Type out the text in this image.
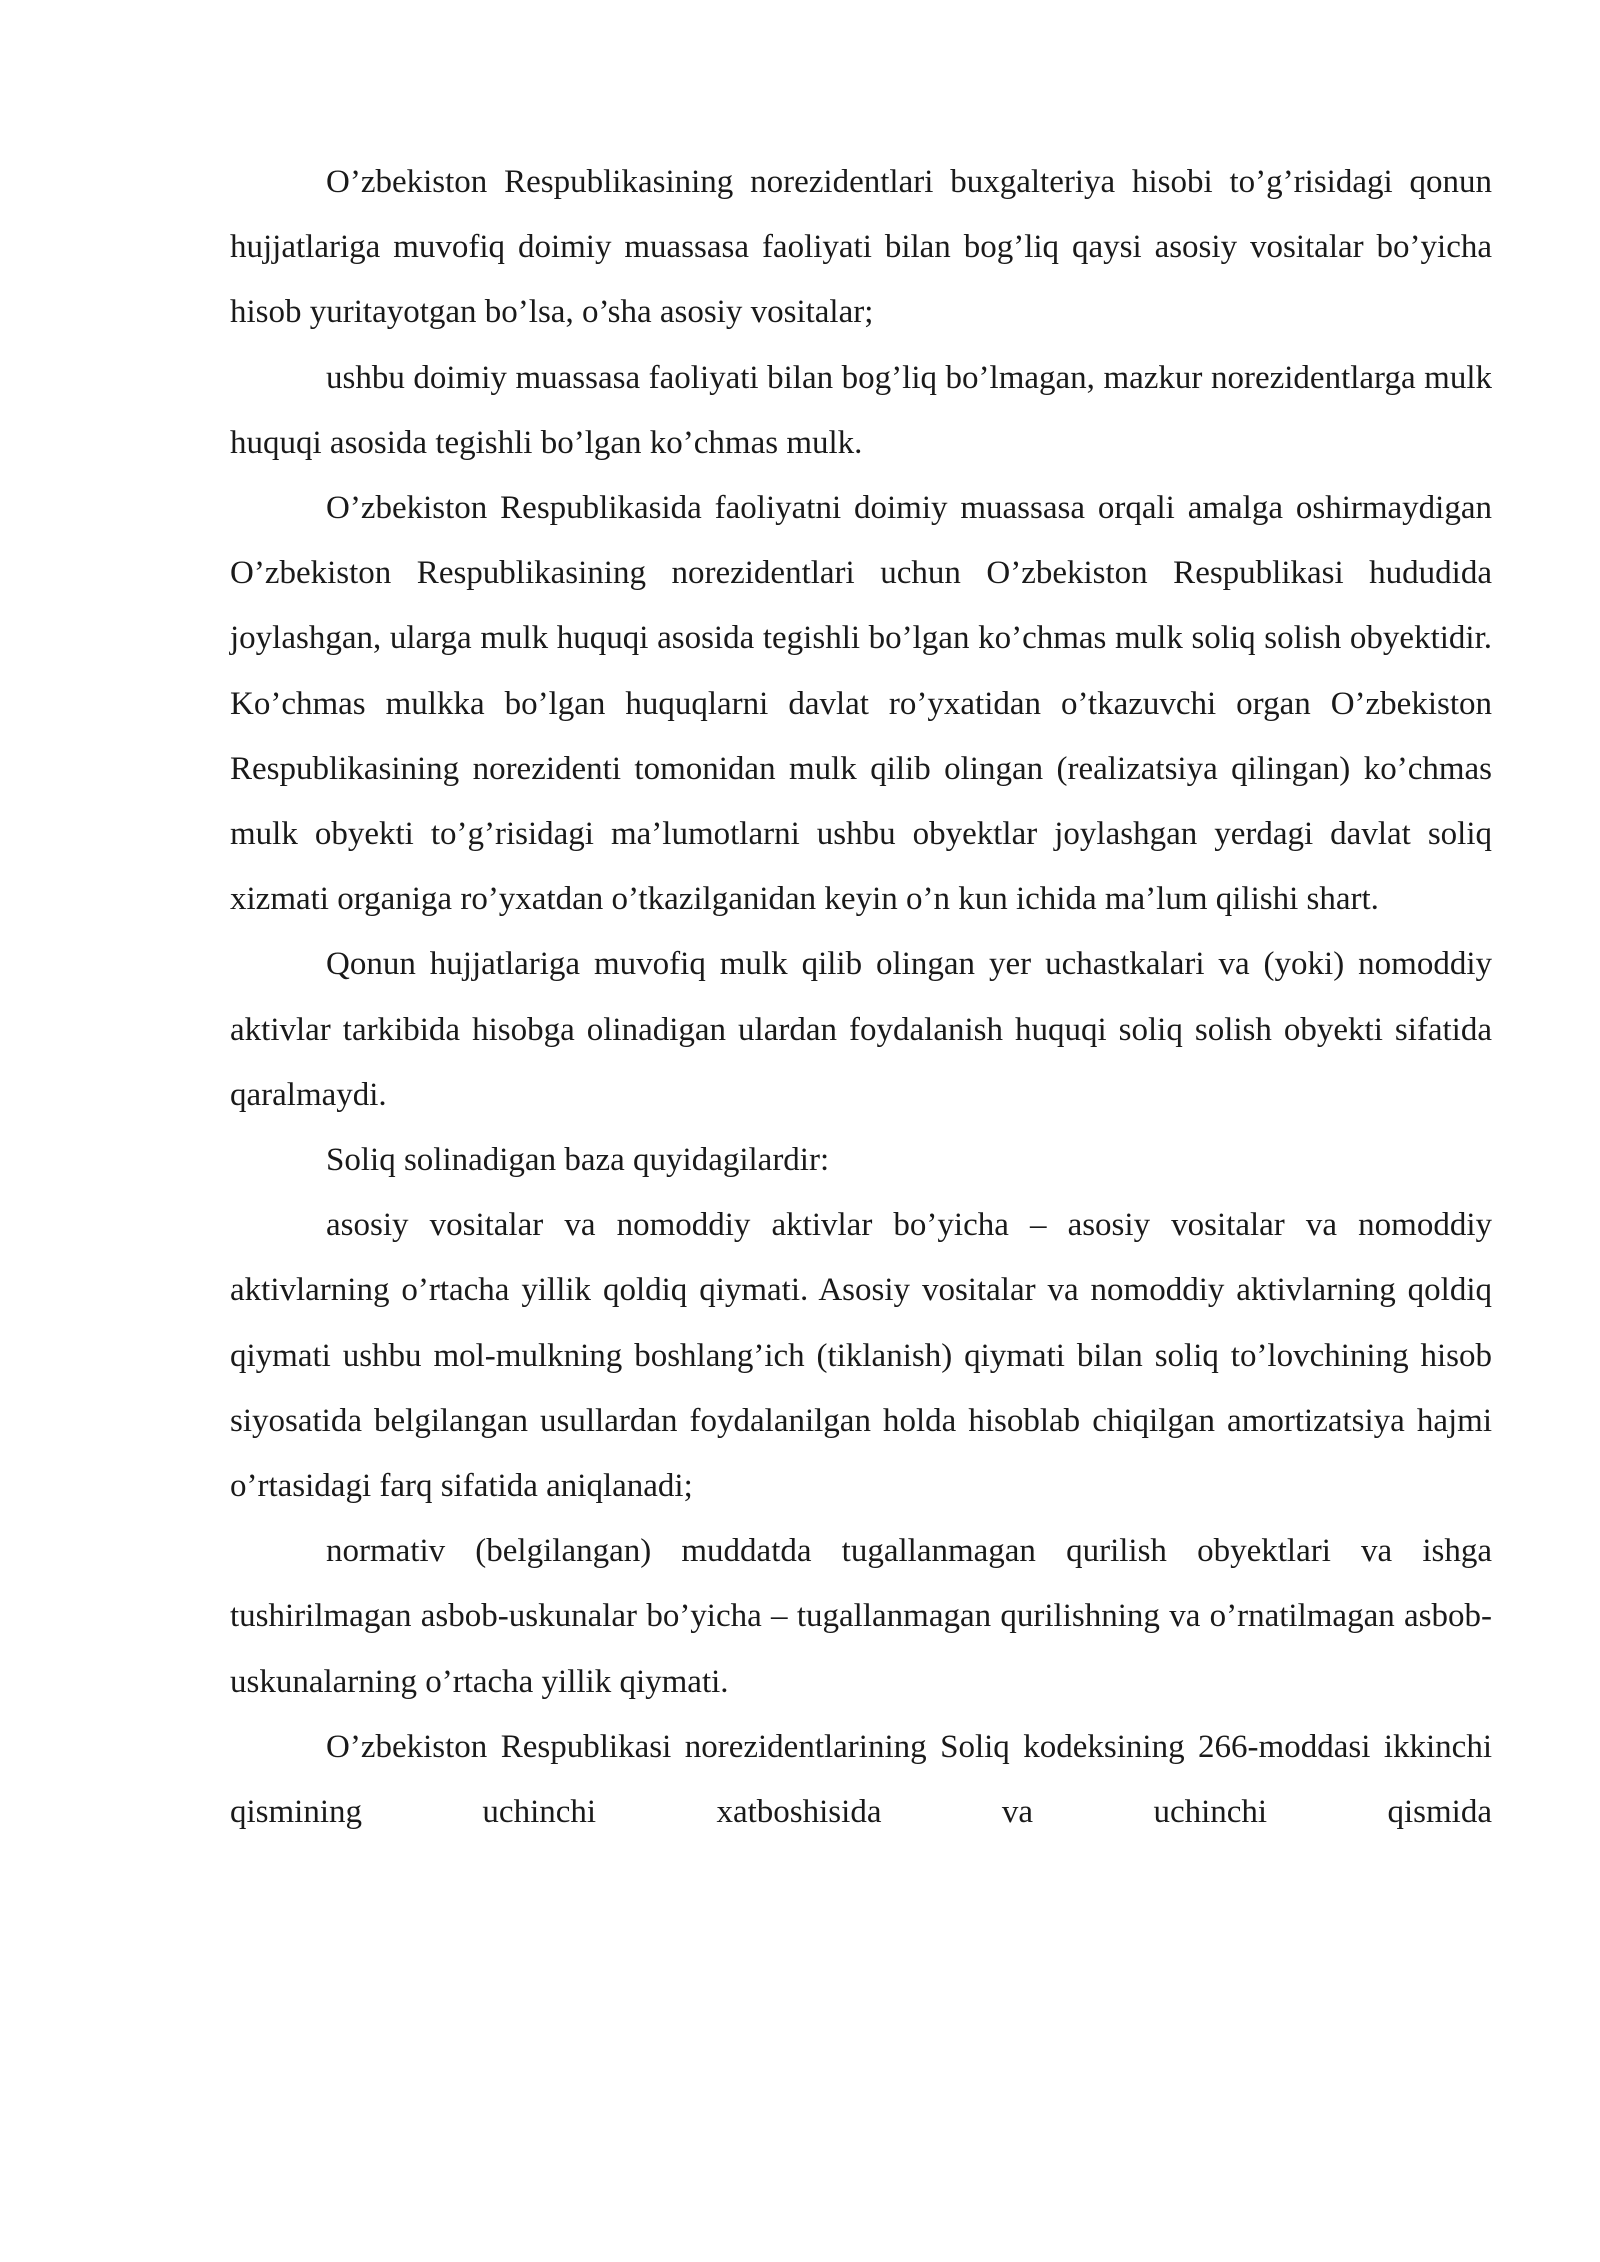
O’zbekiston Respublikasining norezidentlari buxgalteriya hisobi to’g’risidagi qonun hujjatlariga muvofiq doimiy muassasa faoliyati bilan bog’liq qaysi asosiy vositalar bo’yicha hisob yuritayotgan bo’lsa, o’sha asosiy vositalar;

ushbu doimiy muassasa faoliyati bilan bog’liq bo’lmagan, mazkur norezidentlarga mulk huquqi asosida tegishli bo’lgan ko’chmas mulk.

O’zbekiston Respublikasida faoliyatni doimiy muassasa orqali amalga oshirmaydigan O’zbekiston Respublikasining norezidentlari uchun O’zbekiston Respublikasi hududida joylashgan, ularga mulk huquqi asosida tegishli bo’lgan ko’chmas mulk soliq solish obyektidir. Ko’chmas mulkka bo’lgan huquqlarni davlat ro’yxatidan o’tkazuvchi organ O’zbekiston Respublikasining norezidenti tomonidan mulk qilib olingan (realizatsiya qilingan) ko’chmas mulk obyekti to’g’risidagi ma’lumotlarni ushbu obyektlar joylashgan yerdagi davlat soliq xizmati organiga ro’yxatdan o’tkazilganidan keyin o’n kun ichida ma’lum qilishi shart.

Qonun hujjatlariga muvofiq mulk qilib olingan yer uchastkalari va (yoki) nomoddiy aktivlar tarkibida hisobga olinadigan ulardan foydalanish huquqi soliq solish obyekti sifatida qaralmaydi.

Soliq solinadigan baza quyidagilardir:

asosiy vositalar va nomoddiy aktivlar bo’yicha – asosiy vositalar va nomoddiy aktivlarning o’rtacha yillik qoldiq qiymati. Asosiy vositalar va nomoddiy aktivlarning qoldiq qiymati ushbu mol-mulkning boshlang’ich (tiklanish) qiymati bilan soliq to’lovchining hisob siyosatida belgilangan usullardan foydalanilgan holda hisoblab chiqilgan amortizatsiya hajmi o’rtasidagi farq sifatida aniqlanadi;

normativ (belgilangan) muddatda tugallanmagan qurilish obyektlari va ishga tushirilmagan asbob-uskunalar bo’yicha – tugallanmagan qurilishning va o’rnatilmagan asbob-uskunalarning o’rtacha yillik qiymati.

O’zbekiston Respublikasi norezidentlarining Soliq kodeksining 266-moddasi ikkinchi qismining uchinchi xatboshisida va uchinchi qismida
